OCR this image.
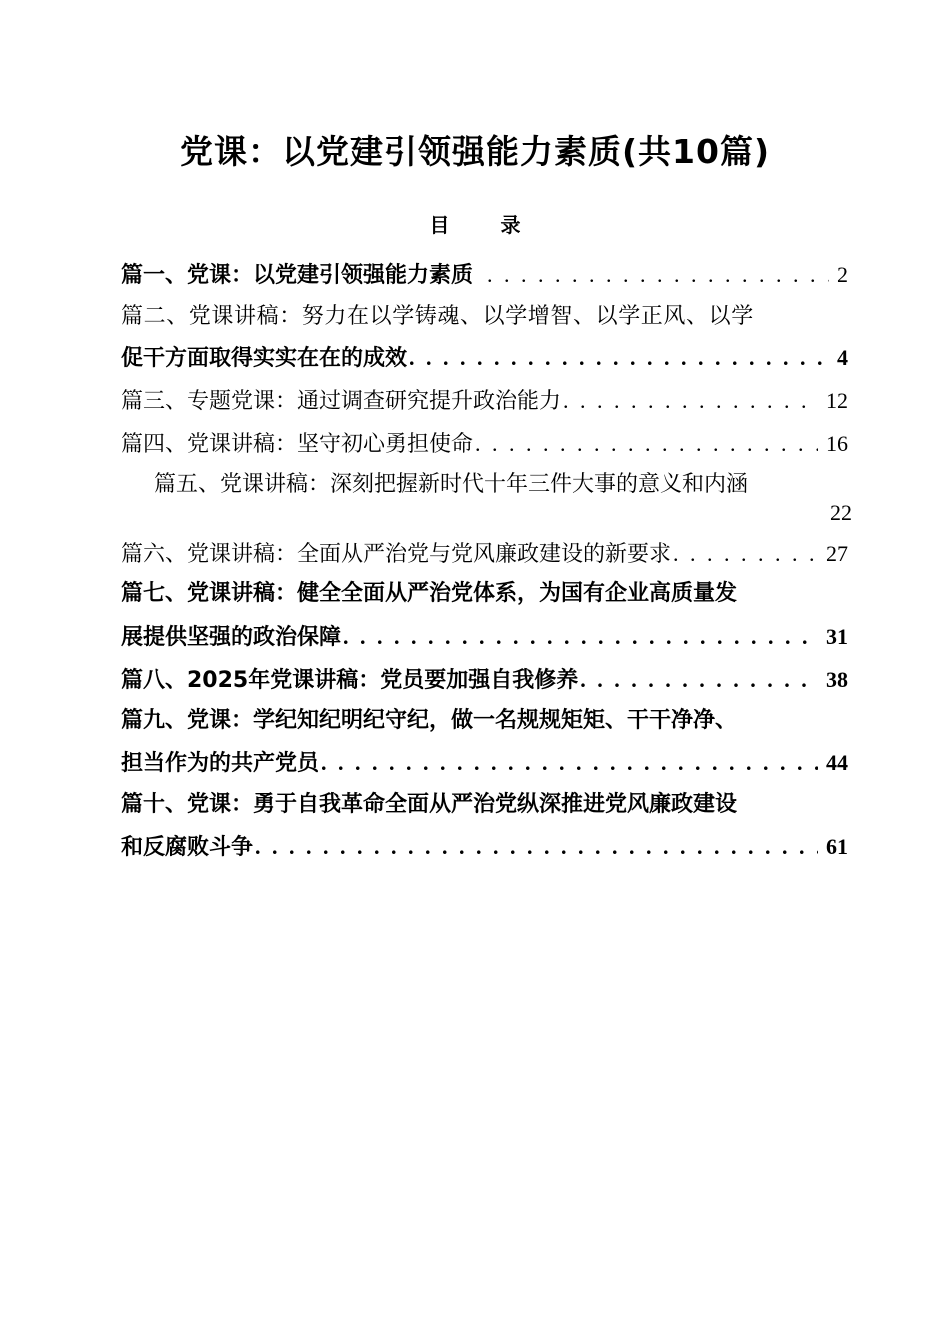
党课：以党建引领强能力素质(共10篇)
目 录
篇一、党课：以党建引领强能力素质 . . .	2
篇二、党课讲稿：努力在以学铸魂、以学增智、以学正风、以学
促干方面取得实实在在的成效 . . .	4
篇三、专题党课：通过调查研究提升政治能力 . . .	12
篇四、党课讲稿：坚守初心勇担使命 . . .	16
篇五、党课讲稿：深刻把握新时代十年三件大事的意义和内涵
22
篇六、党课讲稿：全面从严治党与党风廉政建设的新要求 . . .	27
篇七、党课讲稿：健全全面从严治党体系，为国有企业高质量发
展提供坚强的政治保障 . . .	31
篇八、2025年党课讲稿：党员要加强自我修养 . . .	38
篇九、党课：学纪知纪明纪守纪，做一名规规矩矩、干干净净、
担当作为的共产党员 . . .	44
篇十、党课：勇于自我革命全面从严治党纵深推进党风廉政建设
和反腐败斗争 . . .	61
